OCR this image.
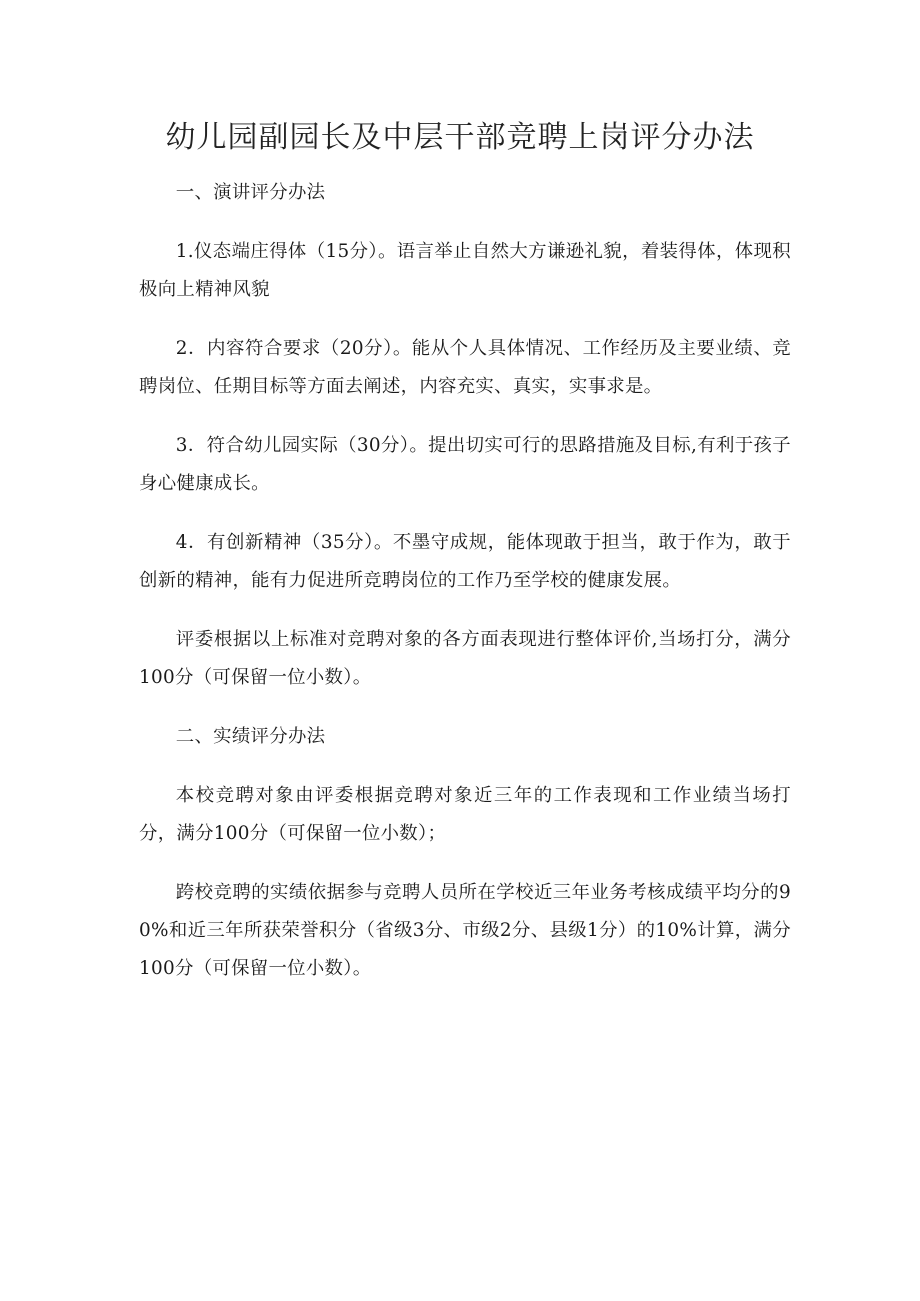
幼儿园副园长及中层干部竞聘上岗评分办法

一、演讲评分办法

1.仪态端庄得体（15分）。语言举止自然大方谦逊礼貌，着装得体，体现积极向上精神风貌

2．内容符合要求（20分）。能从个人具体情况、工作经历及主要业绩、竞聘岗位、任期目标等方面去阐述，内容充实、真实，实事求是。

3．符合幼儿园实际（30分）。提出切实可行的思路措施及目标,有利于孩子身心健康成长。

4．有创新精神（35分）。不墨守成规，能体现敢于担当，敢于作为，敢于创新的精神，能有力促进所竞聘岗位的工作乃至学校的健康发展。

评委根据以上标准对竞聘对象的各方面表现进行整体评价,当场打分，满分100分（可保留一位小数）。

二、实绩评分办法

本校竞聘对象由评委根据竞聘对象近三年的工作表现和工作业绩当场打分，满分100分（可保留一位小数）；

跨校竞聘的实绩依据参与竞聘人员所在学校近三年业务考核成绩平均分的90%和近三年所获荣誉积分（省级3分、市级2分、县级1分）的10%计算，满分100分（可保留一位小数）。
